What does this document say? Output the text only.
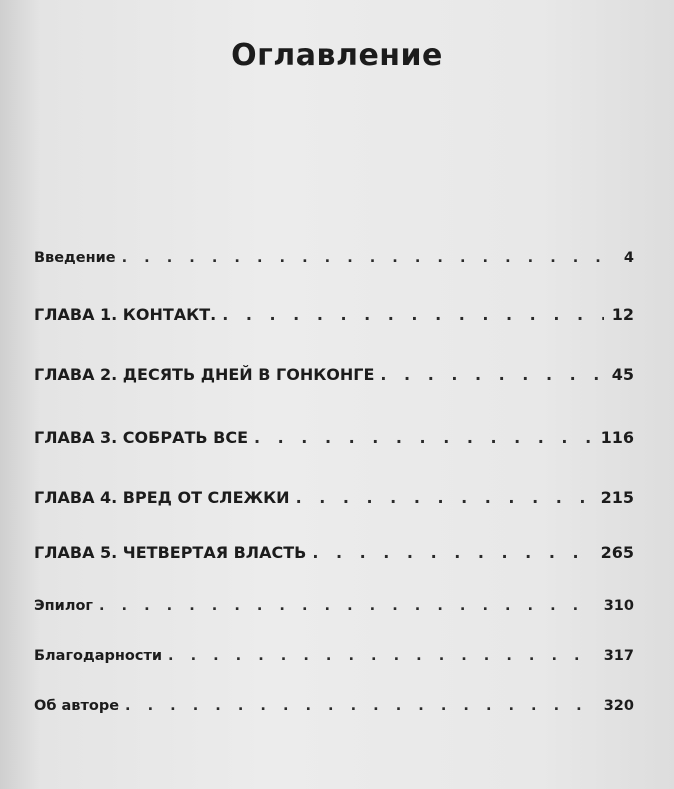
Оглавление
Введение . . .	4
ГЛАВА 1. КОНТАКТ. . . .	12
ГЛАВА 2. ДЕСЯТЬ ДНЕЙ В ГОНКОНГЕ . . .	45
ГЛАВА 3. СОБРАТЬ ВСЕ . . .	116
ГЛАВА 4. ВРЕД ОТ СЛЕЖКИ . . .	215
ГЛАВА 5. ЧЕТВЕРТАЯ ВЛАСТЬ . . .	265
Эпилог . . .	310
Благодарности . . .	317
Об авторе . . .	320
